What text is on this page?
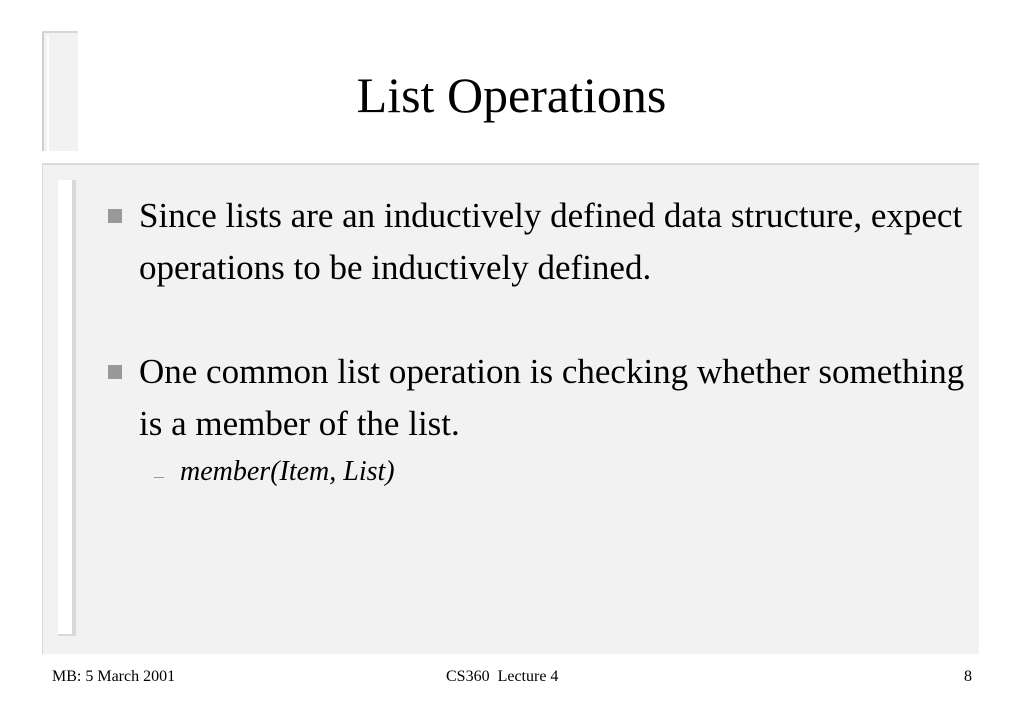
List Operations
Since lists are an inductively defined data structure, expect operations to be inductively defined.
One common list operation is checking whether something is a member of the list.
– member(Item, List)
MB: 5 March 2001	CS360  Lecture 4	8
